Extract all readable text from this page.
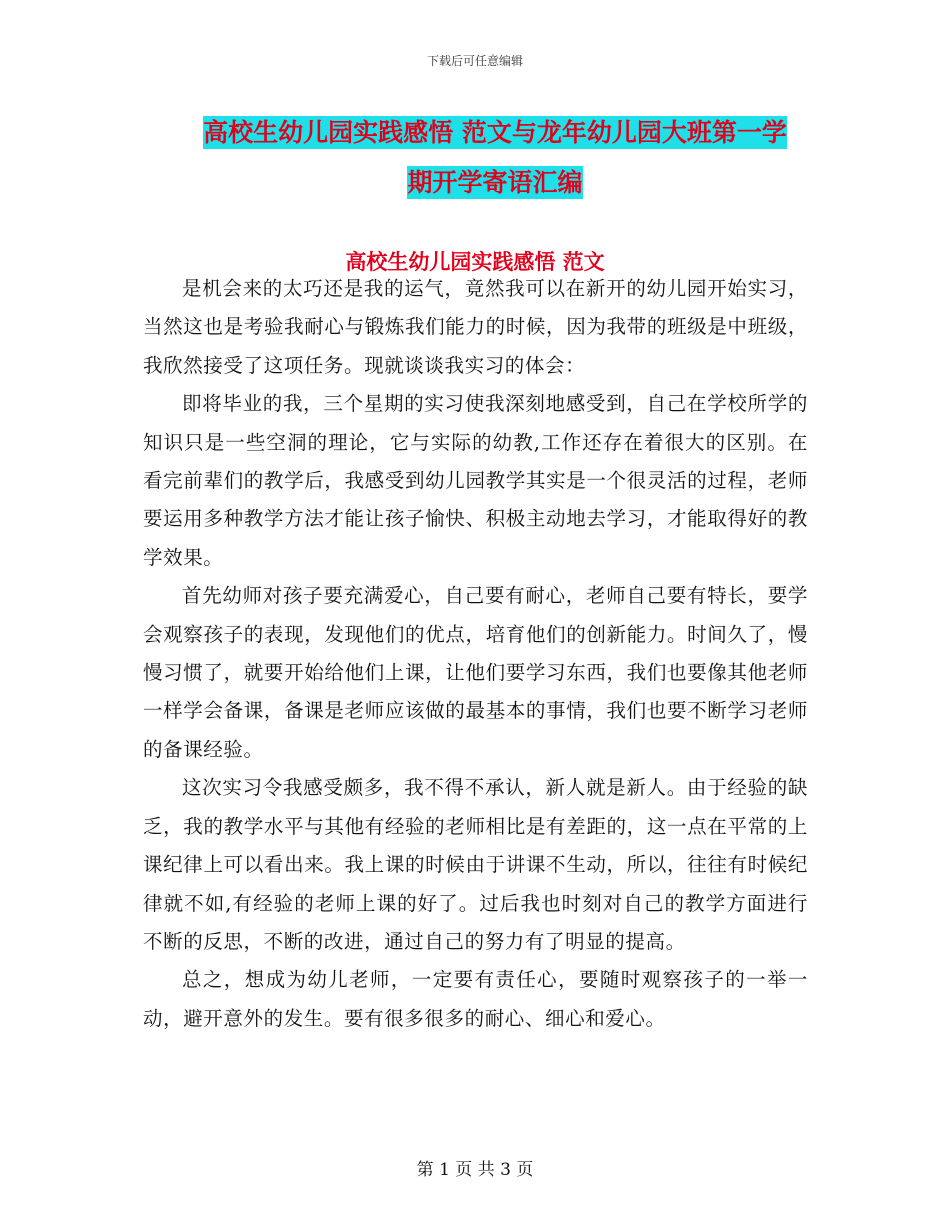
下载后可任意编辑
高校生幼儿园实践感悟 范文与龙年幼儿园大班第一学
期开学寄语汇编
高校生幼儿园实践感悟 范文

是机会来的太巧还是我的运气，竟然我可以在新开的幼儿园开始实习，当然这也是考验我耐心与锻炼我们能力的时候，因为我带的班级是中班级，我欣然接受了这项任务。现就谈谈我实习的体会：

即将毕业的我，三个星期的实习使我深刻地感受到，自己在学校所学的知识只是一些空洞的理论，它与实际的幼教,工作还存在着很大的区别。在看完前辈们的教学后，我感受到幼儿园教学其实是一个很灵活的过程，老师要运用多种教学方法才能让孩子愉快、积极主动地去学习，才能取得好的教学效果。

首先幼师对孩子要充满爱心，自己要有耐心，老师自己要有特长，要学会观察孩子的表现，发现他们的优点，培育他们的创新能力。时间久了，慢慢习惯了，就要开始给他们上课，让他们要学习东西，我们也要像其他老师一样学会备课，备课是老师应该做的最基本的事情，我们也要不断学习老师的备课经验。

这次实习令我感受颇多，我不得不承认，新人就是新人。由于经验的缺乏，我的教学水平与其他有经验的老师相比是有差距的，这一点在平常的上课纪律上可以看出来。我上课的时候由于讲课不生动，所以，往往有时候纪律就不如,有经验的老师上课的好了。过后我也时刻对自己的教学方面进行不断的反思，不断的改进，通过自己的努力有了明显的提高。

总之，想成为幼儿老师，一定要有责任心，要随时观察孩子的一举一动，避开意外的发生。要有很多很多的耐心、细心和爱心。

第 1 页 共 3 页
